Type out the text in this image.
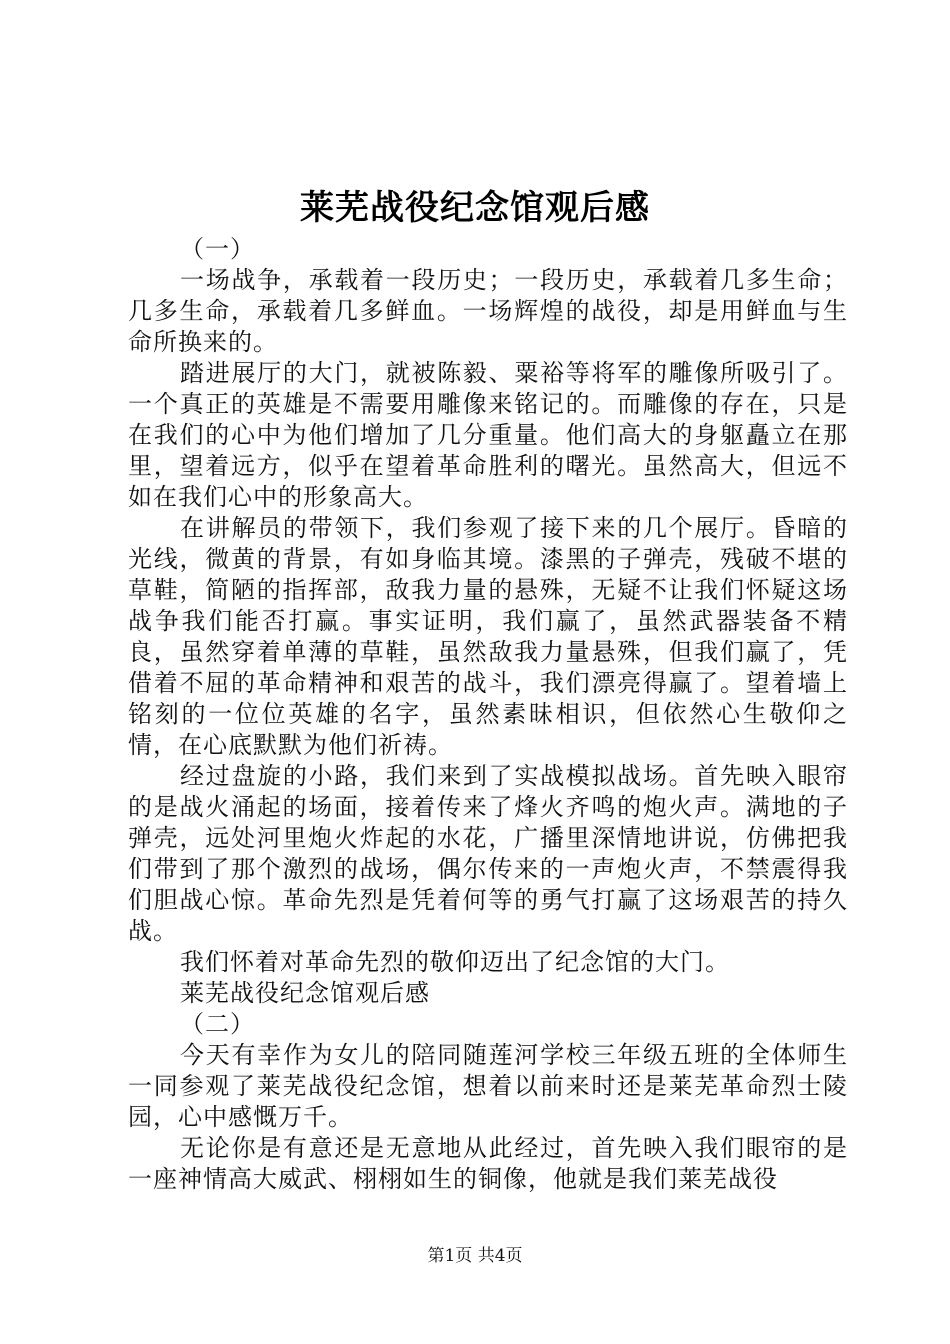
莱芜战役纪念馆观后感

（一）

一场战争，承载着一段历史；一段历史，承载着几多生命；几多生命，承载着几多鲜血。一场辉煌的战役，却是用鲜血与生命所换来的。

踏进展厅的大门，就被陈毅、粟裕等将军的雕像所吸引了。一个真正的英雄是不需要用雕像来铭记的。而雕像的存在，只是在我们的心中为他们增加了几分重量。他们高大的身躯矗立在那里，望着远方，似乎在望着革命胜利的曙光。虽然高大，但远不如在我们心中的形象高大。

在讲解员的带领下，我们参观了接下来的几个展厅。昏暗的光线，微黄的背景，有如身临其境。漆黑的子弹壳，残破不堪的草鞋，简陋的指挥部，敌我力量的悬殊，无疑不让我们怀疑这场战争我们能否打赢。事实证明，我们赢了，虽然武器装备不精良，虽然穿着单薄的草鞋，虽然敌我力量悬殊，但我们赢了，凭借着不屈的革命精神和艰苦的战斗，我们漂亮得赢了。望着墙上铭刻的一位位英雄的名字，虽然素昧相识，但依然心生敬仰之情，在心底默默为他们祈祷。

经过盘旋的小路，我们来到了实战模拟战场。首先映入眼帘的是战火涌起的场面，接着传来了烽火齐鸣的炮火声。满地的子弹壳，远处河里炮火炸起的水花，广播里深情地讲说，仿佛把我们带到了那个激烈的战场，偶尔传来的一声炮火声，不禁震得我们胆战心惊。革命先烈是凭着何等的勇气打赢了这场艰苦的持久战。

我们怀着对革命先烈的敬仰迈出了纪念馆的大门。

莱芜战役纪念馆观后感

（二）

今天有幸作为女儿的陪同随莲河学校三年级五班的全体师生一同参观了莱芜战役纪念馆，想着以前来时还是莱芜革命烈士陵园，心中感慨万千。

无论你是有意还是无意地从此经过，首先映入我们眼帘的是一座神情高大威武、栩栩如生的铜像，他就是我们莱芜战役

第1页 共4页
